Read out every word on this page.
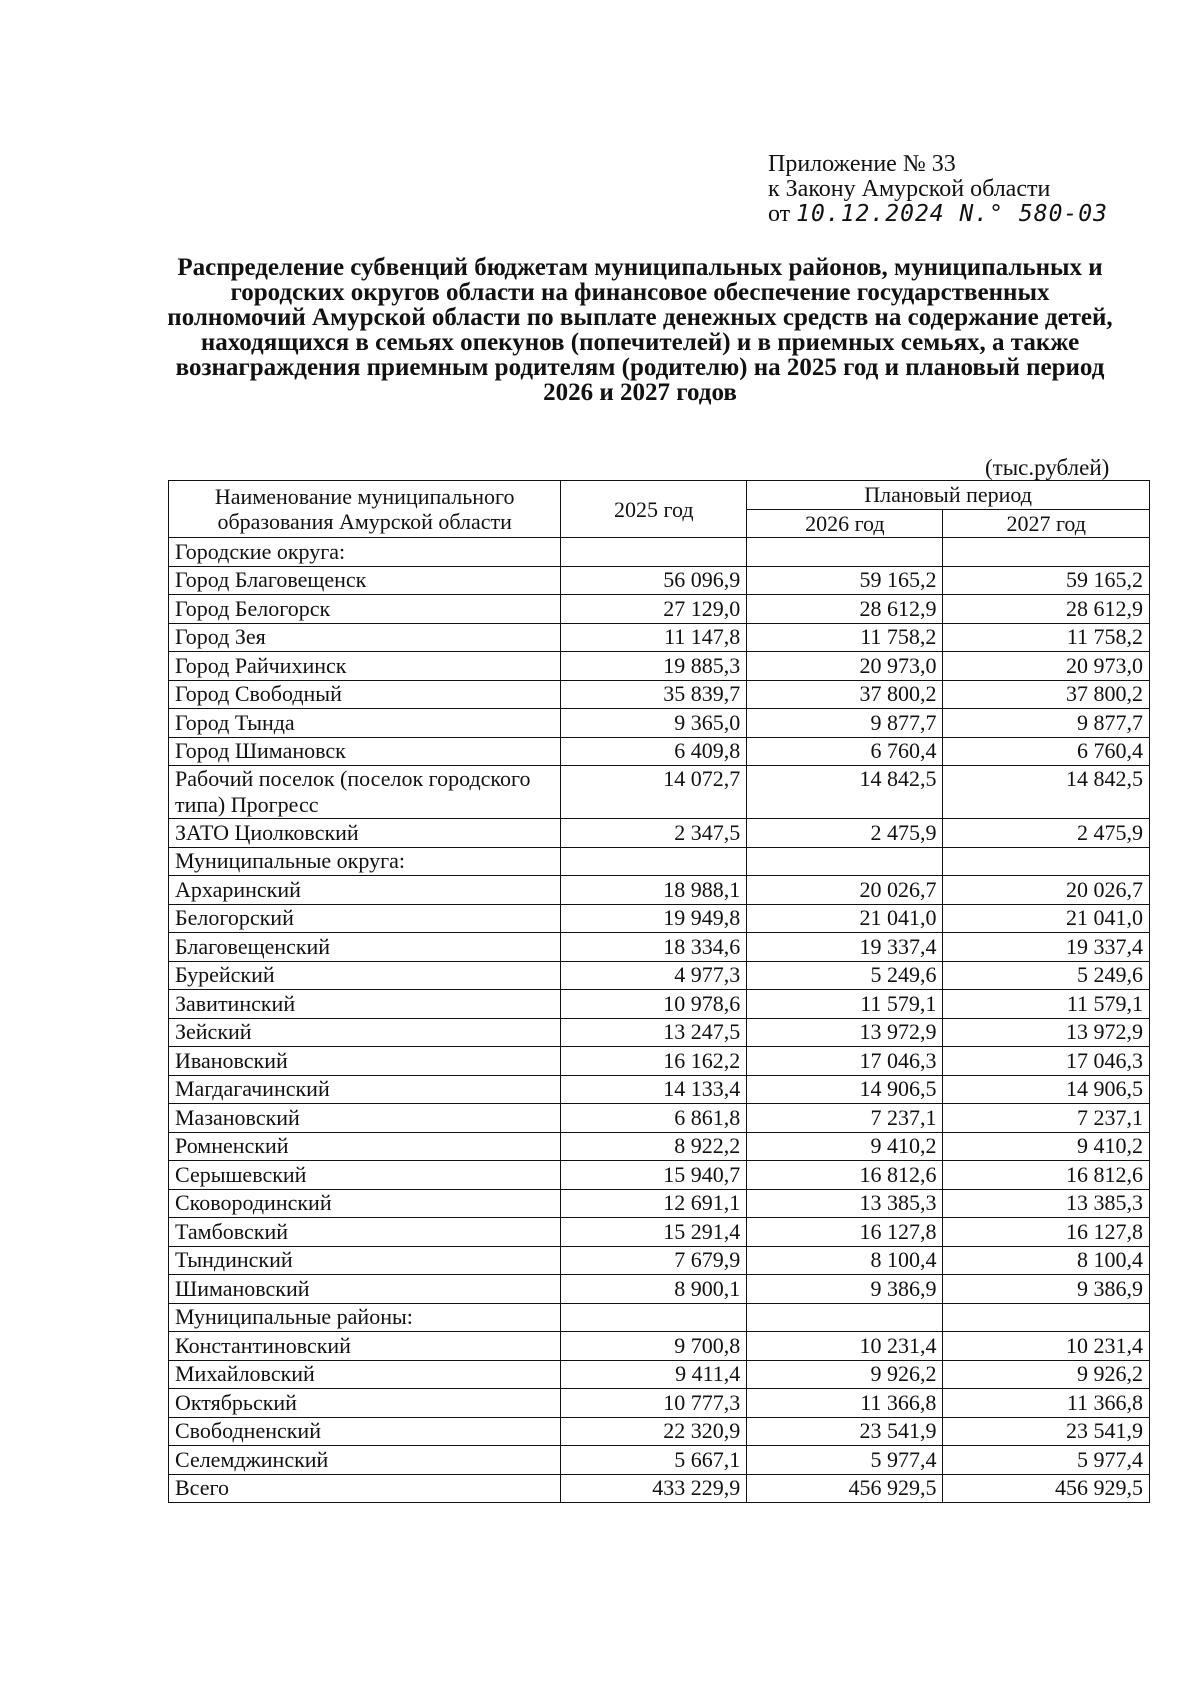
Приложение № 33
к Закону Амурской области
от 10.12.2024 N.° 580-03
Распределение субвенций бюджетам муниципальных районов, муниципальных и городских округов области на финансовое обеспечение государственных полномочий Амурской области по выплате денежных средств на содержание детей, находящихся в семьях опекунов (попечителей) и в приемных семьях, а также вознаграждения приемным родителям (родителю) на 2025 год и плановый период 2026 и 2027 годов
(тыс.рублей)
Наименование муниципального образования Амурской области	2025 год	Плановый период	
		2026 год	2027 год
Городские округа:			
Город Благовещенск	56 096,9	59 165,2	59 165,2
Город Белогорск	27 129,0	28 612,9	28 612,9
Город Зея	11 147,8	11 758,2	11 758,2
Город Райчихинск	19 885,3	20 973,0	20 973,0
Город Свободный	35 839,7	37 800,2	37 800,2
Город Тында	9 365,0	9 877,7	9 877,7
Город Шимановск	6 409,8	6 760,4	6 760,4
Рабочий поселок (поселок городского типа) Прогресс	14 072,7	14 842,5	14 842,5
ЗАТО Циолковский	2 347,5	2 475,9	2 475,9
Муниципальные округа:			
Архаринский	18 988,1	20 026,7	20 026,7
Белогорский	19 949,8	21 041,0	21 041,0
Благовещенский	18 334,6	19 337,4	19 337,4
Бурейский	4 977,3	5 249,6	5 249,6
Завитинский	10 978,6	11 579,1	11 579,1
Зейский	13 247,5	13 972,9	13 972,9
Ивановский	16 162,2	17 046,3	17 046,3
Магдагачинский	14 133,4	14 906,5	14 906,5
Мазановский	6 861,8	7 237,1	7 237,1
Ромненский	8 922,2	9 410,2	9 410,2
Серышевский	15 940,7	16 812,6	16 812,6
Сковородинский	12 691,1	13 385,3	13 385,3
Тамбовский	15 291,4	16 127,8	16 127,8
Тындинский	7 679,9	8 100,4	8 100,4
Шимановский	8 900,1	9 386,9	9 386,9
Муниципальные районы:			
Константиновский	9 700,8	10 231,4	10 231,4
Михайловский	9 411,4	9 926,2	9 926,2
Октябрьский	10 777,3	11 366,8	11 366,8
Свободненский	22 320,9	23 541,9	23 541,9
Селемджинский	5 667,1	5 977,4	5 977,4
Всего	433 229,9	456 929,5	456 929,5
